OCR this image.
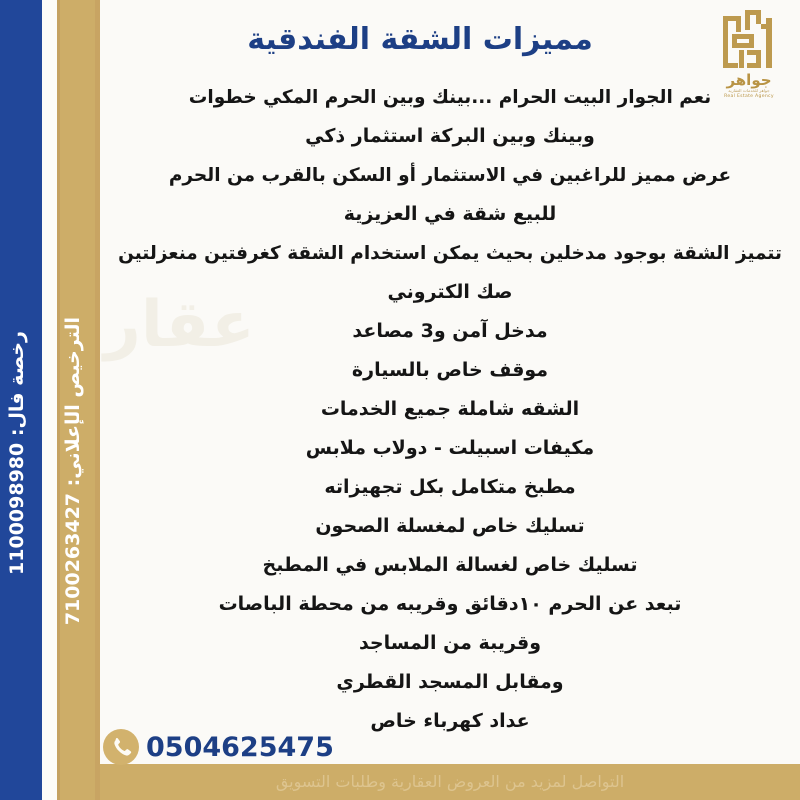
رخصة فال: 1100098980
الترخيص الإعلاني: 7100263427 عقار
مميزات الشقة الفندقية
نعم الجوار البيت الحرام ...بينك وبين الحرم المكي خطوات
وبينك وبين البركة استثمار ذكي
عرض مميز للراغبين في الاستثمار أو السكن بالقرب من الحرم
للبيع شقة في العزيزية
تتميز الشقة بوجود مدخلين بحيث يمكن استخدام الشقة كغرفتين منعزلتين
صك الكتروني
مدخل آمن و3 مصاعد
موقف خاص بالسيارة
الشقه شاملة جميع الخدمات
مكيفات اسبيلت - دولاب ملابس
مطبخ متكامل بكل تجهيزاته
تسليك خاص لمغسلة الصحون
تسليك خاص لغسالة الملابس في المطبخ
تبعد عن الحرم ١٠دقائق وقريبه من محطة الباصات
وقريبة من المساجد
ومقابل المسجد القطري
عداد كهرباء خاص
جواهر
جواهر للخدمات العقارية
Real Estate Agency
التواصل لمزيد من العروض العقارية وطلبات التسويق
0504625475
